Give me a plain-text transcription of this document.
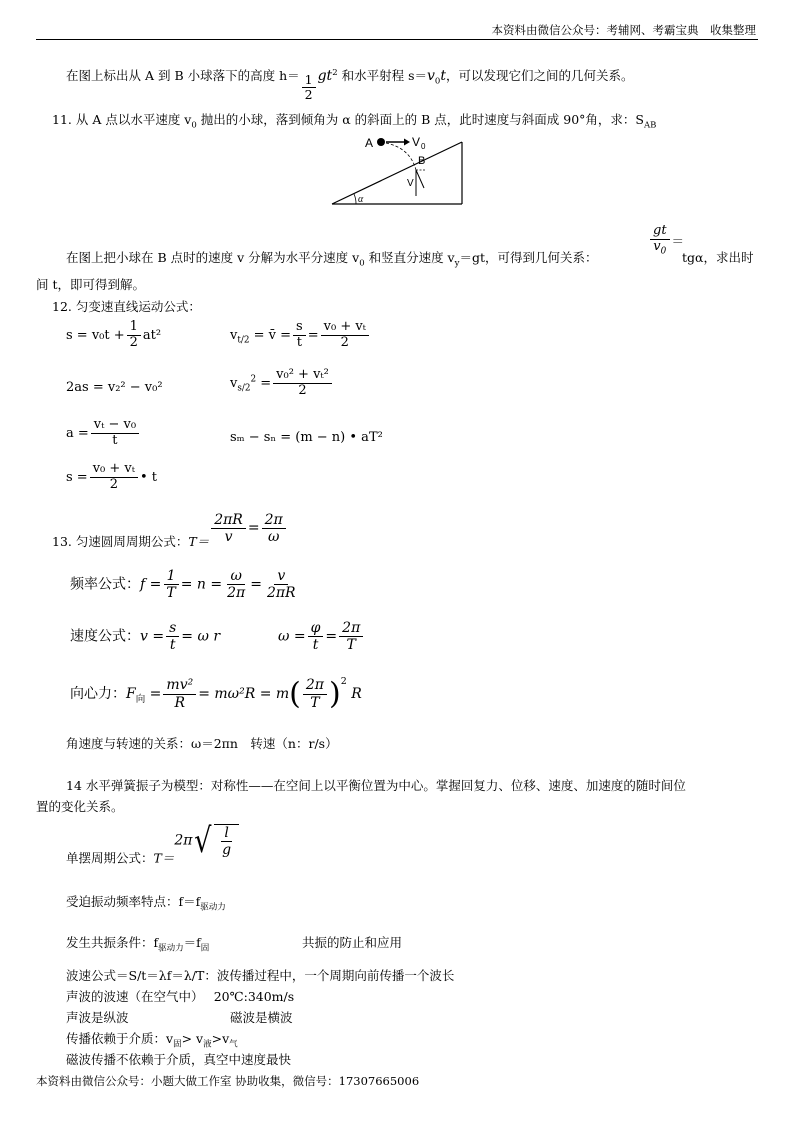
本资料由微信公众号：考辅网、考霸宝典　收集整理
在图上标出从 A 到 B 小球落下的高度 $h= \frac{1}{2} gt^2$ 和水平射程 $s=v_0t$，可以发现它们之间的几何关系。
11. 从 A 点以水平速度 $v_0$ 抛出的小球，落到倾角为 α 的斜面上的 B 点，此时速度与斜面成 90°角，求：$S_{AB}$
A	V 0
B
V
α
$\frac{gt}{v_0}$ ＝
在图上把小球在 B 点时的速度 v 分解为水平分速度 $v_0$ 和竖直分速度 $v_y=gt$，可得到几何关系：	tgα，求出时
间 t，即可得到解。
12. 匀变速直线运动公式：
$s = v_0t + \frac{1}{2} at^2$	$v_{t/2}$ = v̄ = $\frac{s}{t} = \frac{\text{v₀ + vₜ}}{2}$
2as = v₂² − v₀²	$v_{s/2}^2 = \frac{\text{v₀² + vₜ²}}{2}$
$a = \frac{\text{vₜ − v₀}}{t}$	sₘ − sₙ = (m − n) • aT²
$s = \frac{\text{v₀ + vₜ}}{2}$ • t
13. 匀速圆周周期公式：$T= \frac{2\pi R}{v} = \frac{2\pi}{\omega}$
频率公式：$f = \frac{1}{T} = n = \frac{\omega}{2\pi} = \frac{v}{2\pi R}$
速度公式：$v = \frac{s}{t} = \omega$ r	$\omega = \frac{\varphi}{t} = \frac{2\pi}{T}$
向心力：$F_向 = \frac{\text{mv²}}{R} = m\omega^2R = m( \frac{2\pi}{T} )^2$ R
角速度与转速的关系：ω＝2πn　转速（n：r/s）
14 水平弹簧振子为模型：对称性——在空间上以平衡位置为中心。掌握回复力、位移、速度、加速度的随时间位
置的变化关系。
单摆周期公式：T＝2π √ $\frac{l}{g}$
受迫振动频率特点：$f=f_{驱动力}$
发生共振条件：$f_{驱动力}=f_固$	共振的防止和应用
波速公式＝S/t＝λf＝λ/T：波传播过程中，一个周期向前传播一个波长
声波的波速（在空气中）　 20℃:340m/s
声波是纵波	磁波是横波
传播依赖于介质：$v_固> v_液>v_气$
磁波传播不依赖于介质，真空中速度最快
本资料由微信公众号：小题大做工作室 协助收集，微信号：17307665006
